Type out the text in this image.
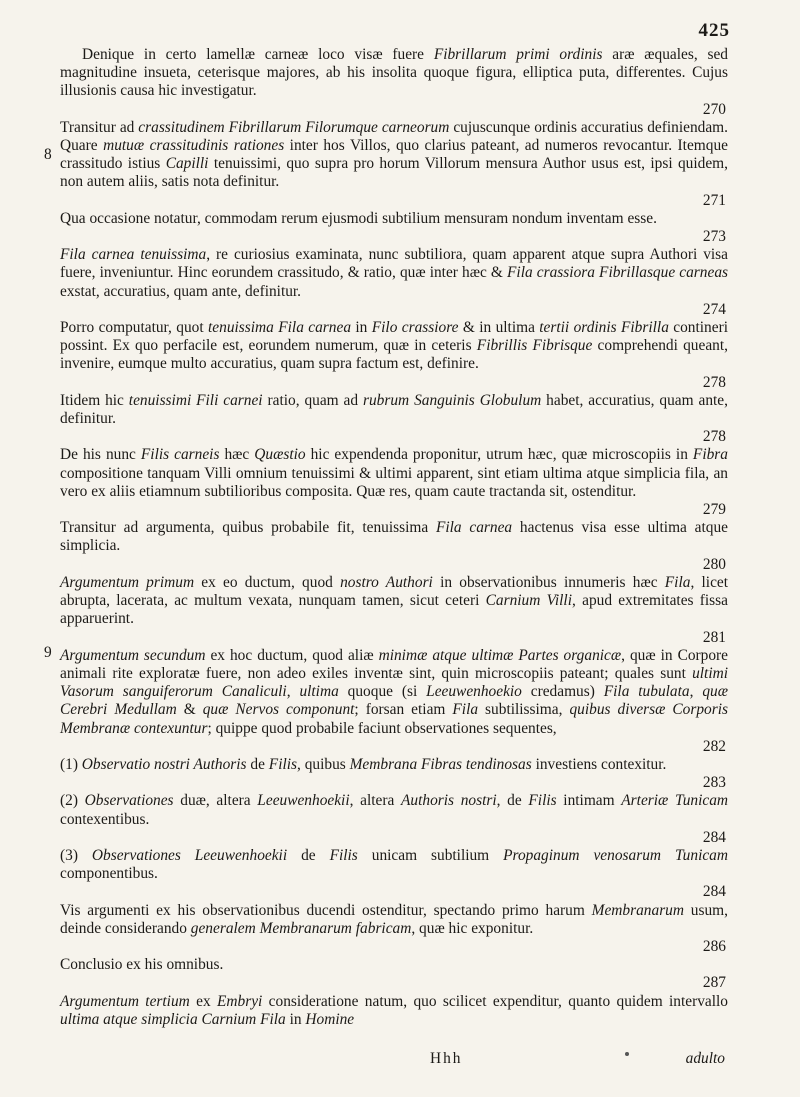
425
8
9

Denique in certo lamellæ carneæ loco visæ fuere Fibrillarum primi ordinis aræ æquales, sed magnitudine insueta, ceterisque majores, ab his insolita quoque figura, elliptica puta, differentes. Cujus illusionis causa hic investigatur.

270

Transitur ad crassitudinem Fibrillarum Filorumque carneorum cujuscunque ordinis accuratius definiendam. Quare mutuæ crassitudinis rationes inter hos Villos, quo clarius pateant, ad numeros revocantur. Itemque crassitudo istius Capilli tenuissimi, quo supra pro horum Villorum mensura Author usus est, ipsi quidem, non autem aliis, satis nota definitur.

271

Qua occasione notatur, commodam rerum ejusmodi subtilium mensuram nondum inventam esse.

273

Fila carnea tenuissima, re curiosius examinata, nunc subtiliora, quam apparent atque supra Authori visa fuere, inveniuntur. Hinc eorundem crassitudo, & ratio, quæ inter hæc & Fila crassiora Fibrillasque carneas exstat, accuratius, quam ante, definitur.

274

Porro computatur, quot tenuissima Fila carnea in Filo crassiore & in ultima tertii ordinis Fibrilla contineri possint. Ex quo perfacile est, eorundem numerum, quæ in ceteris Fibrillis Fibrisque comprehendi queant, invenire, eumque multo accuratius, quam supra factum est, definire.

278

Itidem hic tenuissimi Fili carnei ratio, quam ad rubrum Sanguinis Globulum habet, accuratius, quam ante, definitur.

278

De his nunc Filis carneis hæc Quæstio hic expendenda proponitur, utrum hæc, quæ microscopiis in Fibra compositione tanquam Villi omnium tenuissimi & ultimi apparent, sint etiam ultima atque simplicia fila, an vero ex aliis etiamnum subtilioribus composita. Quæ res, quam caute tractanda sit, ostenditur.

279

Transitur ad argumenta, quibus probabile fit, tenuissima Fila carnea hactenus visa esse ultima atque simplicia.

280

Argumentum primum ex eo ductum, quod nostro Authori in observationibus innumeris hæc Fila, licet abrupta, lacerata, ac multum vexata, nunquam tamen, sicut ceteri Carnium Villi, apud extremitates fissa apparuerint.

281

Argumentum secundum ex hoc ductum, quod aliæ minimæ atque ultimæ Partes organicæ, quæ in Corpore animali rite exploratæ fuere, non adeo exiles inventæ sint, quin microscopiis pateant; quales sunt ultimi Vasorum sanguiferorum Canaliculi, ultima quoque (si Leeuwenhoekio credamus) Fila tubulata, quæ Cerebri Medullam & quæ Nervos componunt; forsan etiam Fila subtilissima, quibus diversæ Corporis Membranæ contexuntur; quippe quod probabile faciunt observationes sequentes,

282

(1) Observatio nostri Authoris de Filis, quibus Membrana Fibras tendinosas investiens contexitur.

283

(2) Observationes duæ, altera Leeuwenhoekii, altera Authoris nostri, de Filis intimam Arteriæ Tunicam contexentibus.

284

(3) Observationes Leeuwenhoekii de Filis unicam subtilium Propaginum venosarum Tunicam componentibus.

284

Vis argumenti ex his observationibus ducendi ostenditur, spectando primo harum Membranarum usum, deinde considerando generalem Membranarum fabricam, quæ hic exponitur.

286

Conclusio ex his omnibus.

287

Argumentum tertium ex Embryi consideratione natum, quo scilicet expenditur, quanto quidem intervallo ultima atque simplicia Carnium Fila in Homine

Hhh	adulto
